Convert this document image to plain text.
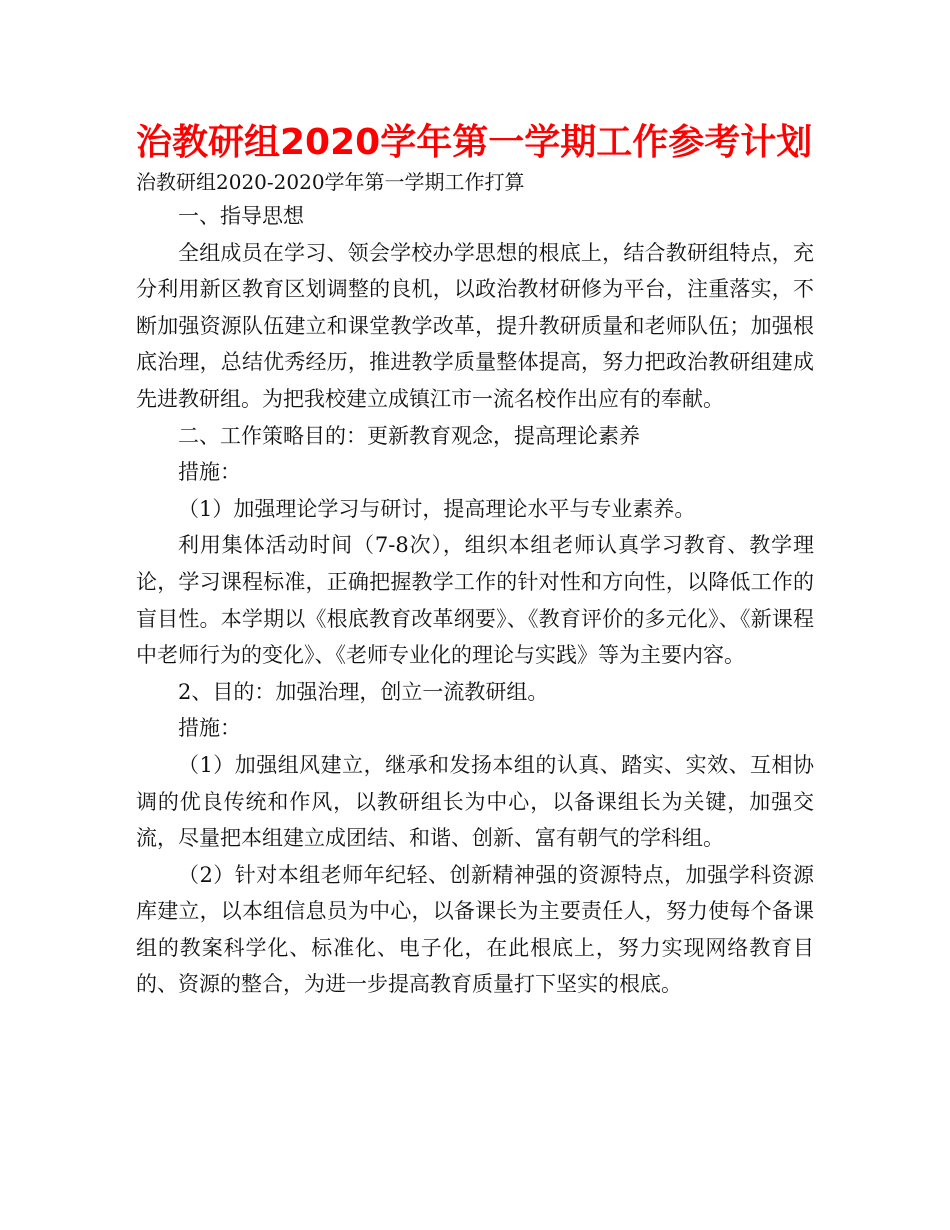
治教研组2020学年第一学期工作参考计划
治教研组2020-2020学年第一学期工作打算

一、指导思想

全组成员在学习、领会学校办学思想的根底上，结合教研组特点，充分利用新区教育区划调整的良机，以政治教材研修为平台，注重落实，不断加强资源队伍建立和课堂教学改革，提升教研质量和老师队伍；加强根底治理，总结优秀经历，推进教学质量整体提高，努力把政治教研组建成先进教研组。为把我校建立成镇江市一流名校作出应有的奉献。

二、工作策略目的：更新教育观念，提高理论素养

措施：

（1）加强理论学习与研讨，提高理论水平与专业素养。

利用集体活动时间（7-8次），组织本组老师认真学习教育、教学理论，学习课程标准，正确把握教学工作的针对性和方向性，以降低工作的盲目性。本学期以《根底教育改革纲要》、《教育评价的多元化》、《新课程中老师行为的变化》、《老师专业化的理论与实践》等为主要内容。

2、目的：加强治理，创立一流教研组。

措施：

（1）加强组风建立，继承和发扬本组的认真、踏实、实效、互相协调的优良传统和作风，以教研组长为中心，以备课组长为关键，加强交流，尽量把本组建立成团结、和谐、创新、富有朝气的学科组。

（2）针对本组老师年纪轻、创新精神强的资源特点，加强学科资源库建立，以本组信息员为中心，以备课长为主要责任人，努力使每个备课组的教案科学化、标准化、电子化，在此根底上，努力实现网络教育目的、资源的整合，为进一步提高教育质量打下坚实的根底。
